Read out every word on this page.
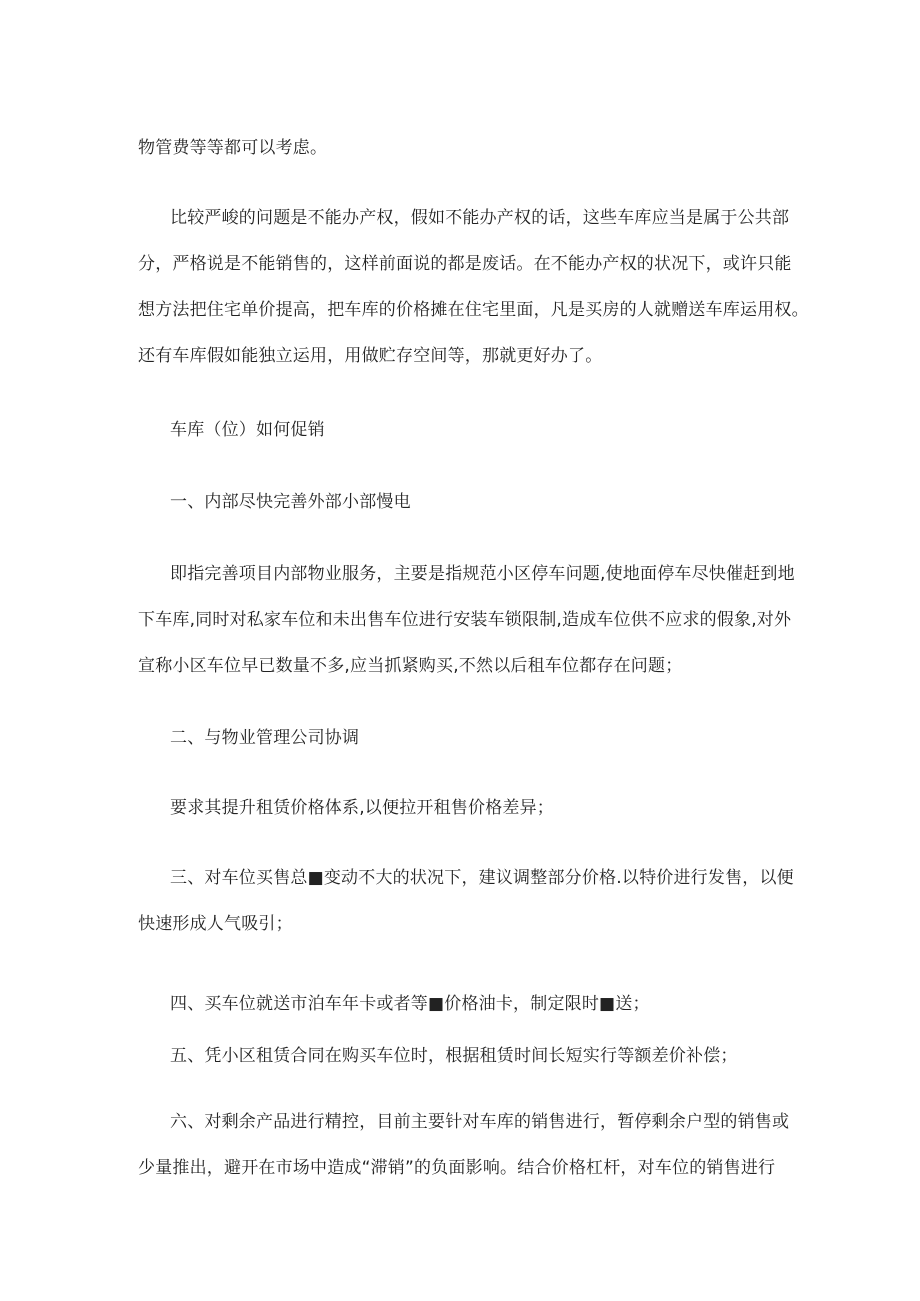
物管费等等都可以考虑。
比较严峻的问题是不能办产权，假如不能办产权的话，这些车库应当是属于公共部
分，严格说是不能销售的，这样前面说的都是废话。在不能办产权的状况下，或许只能
想方法把住宅单价提高，把车库的价格摊在住宅里面，凡是买房的人就赠送车库运用权。
还有车库假如能独立运用，用做贮存空间等，那就更好办了。
车库（位）如何促销
一、内部尽快完善外部小部慢电
即指完善项目内部物业服务，主要是指规范小区停车问题,使地面停车尽快催赶到地
下车库,同时对私家车位和未出售车位进行安装车锁限制,造成车位供不应求的假象,对外
宣称小区车位早已数量不多,应当抓紧购买,不然以后租车位都存在问题；
二、与物业管理公司协调
要求其提升租赁价格体系,以便拉开租售价格差异；
三、对车位买售总■变动不大的状况下，建议调整部分价格.以特价进行发售，以便
快速形成人气吸引；
四、买车位就送市泊车年卡或者等■价格油卡，制定限时■送；
五、凭小区租赁合同在购买车位时，根据租赁时间长短实行等额差价补偿；
六、对剩余产品进行精控，目前主要针对车库的销售进行，暂停剩余户型的销售或
少量推出，避开在市场中造成“滞销”的负面影响。结合价格杠杆，对车位的销售进行
